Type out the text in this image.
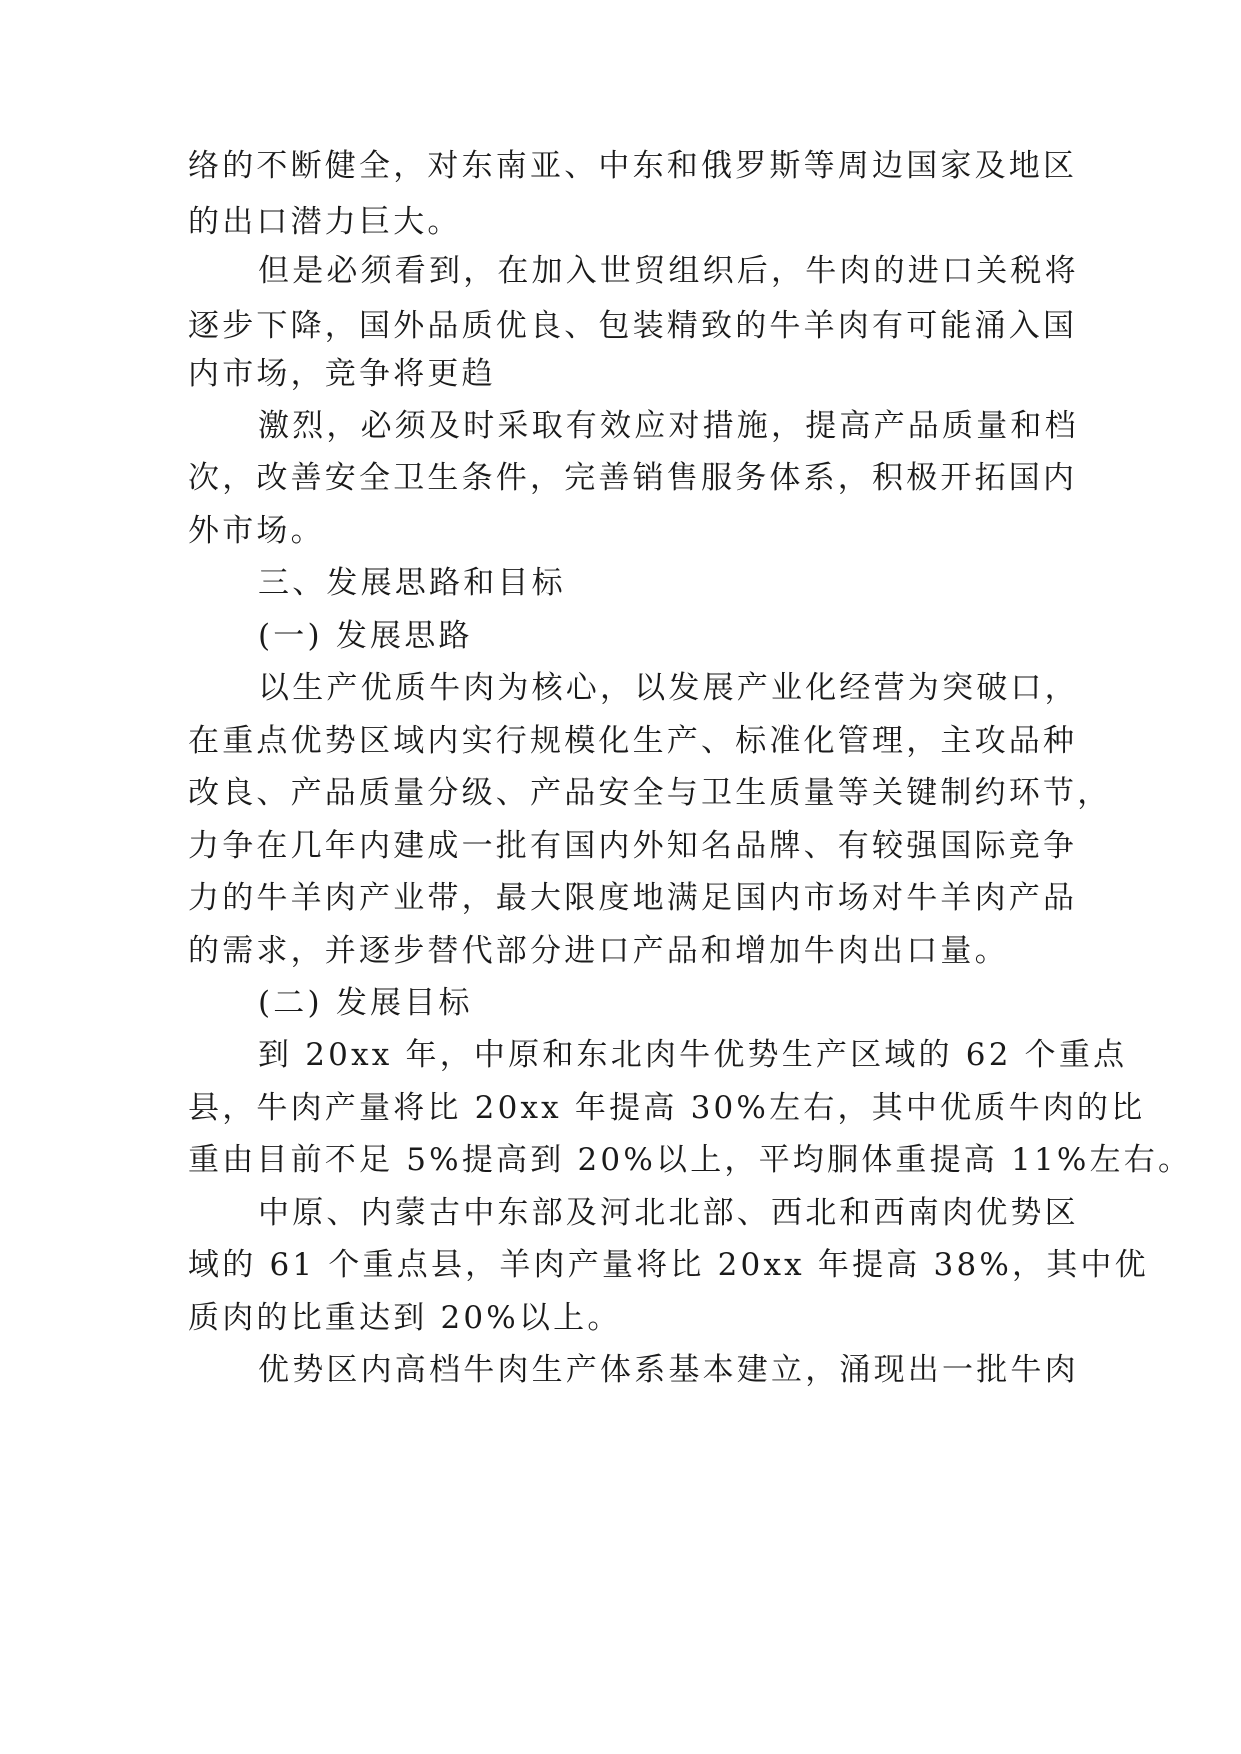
络的不断健全，对东南亚、中东和俄罗斯等周边国家及地区
的出口潜力巨大。
但是必须看到，在加入世贸组织后，牛肉的进口关税将
逐步下降，国外品质优良、包装精致的牛羊肉有可能涌入国
内市场，竞争将更趋
激烈，必须及时采取有效应对措施，提高产品质量和档
次，改善安全卫生条件，完善销售服务体系，积极开拓国内
外市场。
三、发展思路和目标
(一) 发展思路
以生产优质牛肉为核心，以发展产业化经营为突破口，
在重点优势区域内实行规模化生产、标准化管理，主攻品种
改良、产品质量分级、产品安全与卫生质量等关键制约环节，
力争在几年内建成一批有国内外知名品牌、有较强国际竞争
力的牛羊肉产业带，最大限度地满足国内市场对牛羊肉产品
的需求，并逐步替代部分进口产品和增加牛肉出口量。
(二) 发展目标
到 20xx 年，中原和东北肉牛优势生产区域的 62 个重点
县，牛肉产量将比 20xx 年提高 30%左右，其中优质牛肉的比
重由目前不足 5%提高到 20%以上，平均胴体重提高 11%左右。
中原、内蒙古中东部及河北北部、西北和西南肉优势区
域的 61 个重点县，羊肉产量将比 20xx 年提高 38%，其中优
质肉的比重达到 20%以上。
优势区内高档牛肉生产体系基本建立，涌现出一批牛肉
